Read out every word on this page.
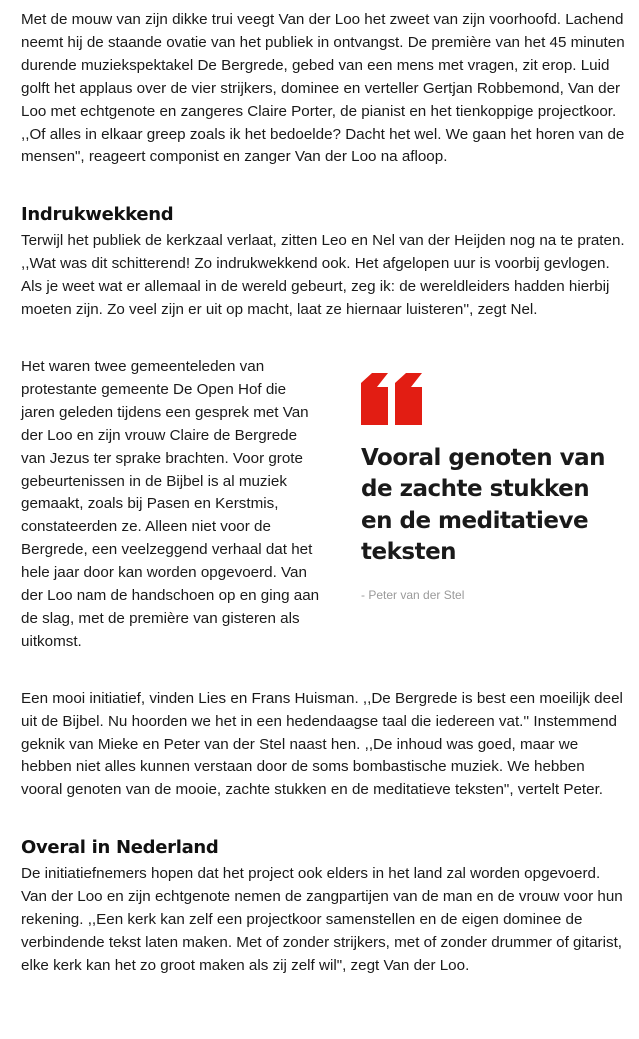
Met de mouw van zijn dikke trui veegt Van der Loo het zweet van zijn voorhoofd. Lachend neemt hij de staande ovatie van het publiek in ontvangst. De première van het 45 minuten durende muziekspektakel De Bergrede, gebed van een mens met vragen, zit erop. Luid golft het applaus over de vier strijkers, dominee en verteller Gertjan Robbemond, Van der Loo met echtgenote en zangeres Claire Porter, de pianist en het tienkoppige projectkoor. ,,Of alles in elkaar greep zoals ik het bedoelde? Dacht het wel. We gaan het horen van de mensen", reageert componist en zanger Van der Loo na afloop.

Indrukwekkend

Terwijl het publiek de kerkzaal verlaat, zitten Leo en Nel van der Heijden nog na te praten. ,,Wat was dit schitterend! Zo indrukwekkend ook. Het afgelopen uur is voorbij gevlogen. Als je weet wat er allemaal in de wereld gebeurt, zeg ik: de wereldleiders hadden hierbij moeten zijn. Zo veel zijn er uit op macht, laat ze hiernaar luisteren'', zegt Nel.

Het waren twee gemeenteleden van protestante gemeente De Open Hof die jaren geleden tijdens een gesprek met Van der Loo en zijn vrouw Claire de Bergrede van Jezus ter sprake brachten. Voor grote gebeurtenissen in de Bijbel is al muziek gemaakt, zoals bij Pasen en Kerstmis, constateerden ze. Alleen niet voor de Bergrede, een veelzeggend verhaal dat het hele jaar door kan worden opgevoerd. Van der Loo nam de handschoen op en ging aan de slag, met de première van gisteren als uitkomst.

Vooral genoten van de zachte stukken en de meditatieve teksten

- Peter van der Stel

Een mooi initiatief, vinden Lies en Frans Huisman. ,,De Bergrede is best een moeilijk deel uit de Bijbel. Nu hoorden we het in een hedendaagse taal die iedereen vat.'' Instemmend geknik van Mieke en Peter van der Stel naast hen. ,,De inhoud was goed, maar we hebben niet alles kunnen verstaan door de soms bombastische muziek. We hebben vooral genoten van de mooie, zachte stukken en de meditatieve teksten", vertelt Peter.

Overal in Nederland

De initiatiefnemers hopen dat het project ook elders in het land zal worden opgevoerd. Van der Loo en zijn echtgenote nemen de zangpartijen van de man en de vrouw voor hun rekening. ,,Een kerk kan zelf een projectkoor samenstellen en de eigen dominee de verbindende tekst laten maken. Met of zonder strijkers, met of zonder drummer of gitarist, elke kerk kan het zo groot maken als zij zelf wil", zegt Van der Loo.
